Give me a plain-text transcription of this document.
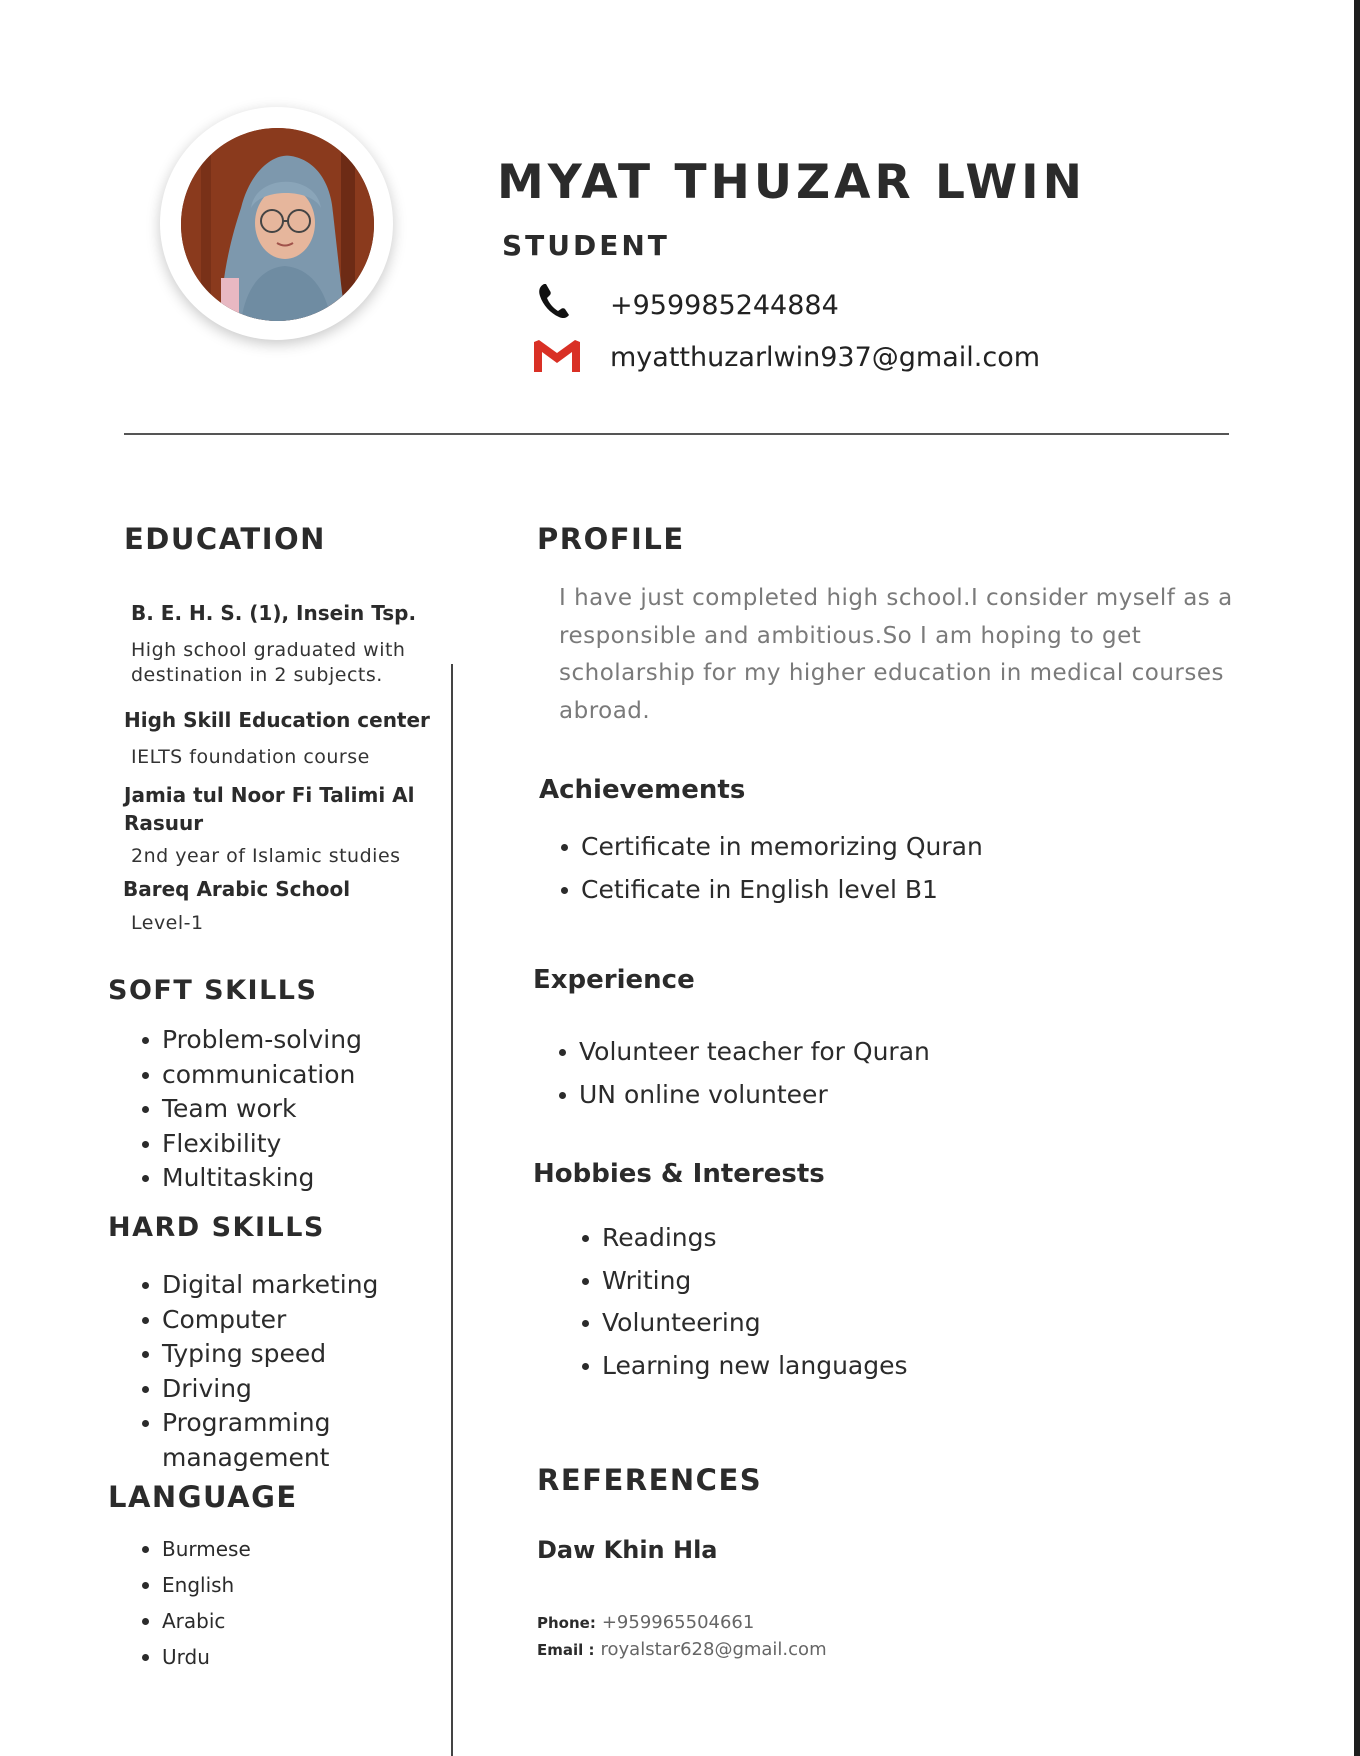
MYAT THUZAR LWIN
STUDENT
+959985244884
myatthuzarlwin937@gmail.com
EDUCATION
B. E. H. S. (1), Insein Tsp.
High school graduated with destination in 2 subjects.
High Skill Education center
IELTS foundation course
Jamia tul Noor Fi Talimi Al Rasuur
2nd year of Islamic studies
Bareq Arabic School
Level-1
SOFT SKILLS
Problem-solving
communication
Team work
Flexibility
Multitasking
HARD SKILLS
Digital marketing
Computer
Typing speed
Driving
Programming management
LANGUAGE
Burmese
English
Arabic
Urdu
PROFILE
I have just completed high school.I consider myself as a responsible and ambitious.So I am hoping to get scholarship for my higher education in medical courses abroad.
Achievements
Certificate in memorizing Quran
Cetificate in English level B1
Experience
Volunteer teacher for Quran
UN online volunteer
Hobbies & Interests
Readings
Writing
Volunteering
Learning new languages
REFERENCES
Daw Khin Hla
Phone: +959965504661
Email : royalstar628@gmail.com
